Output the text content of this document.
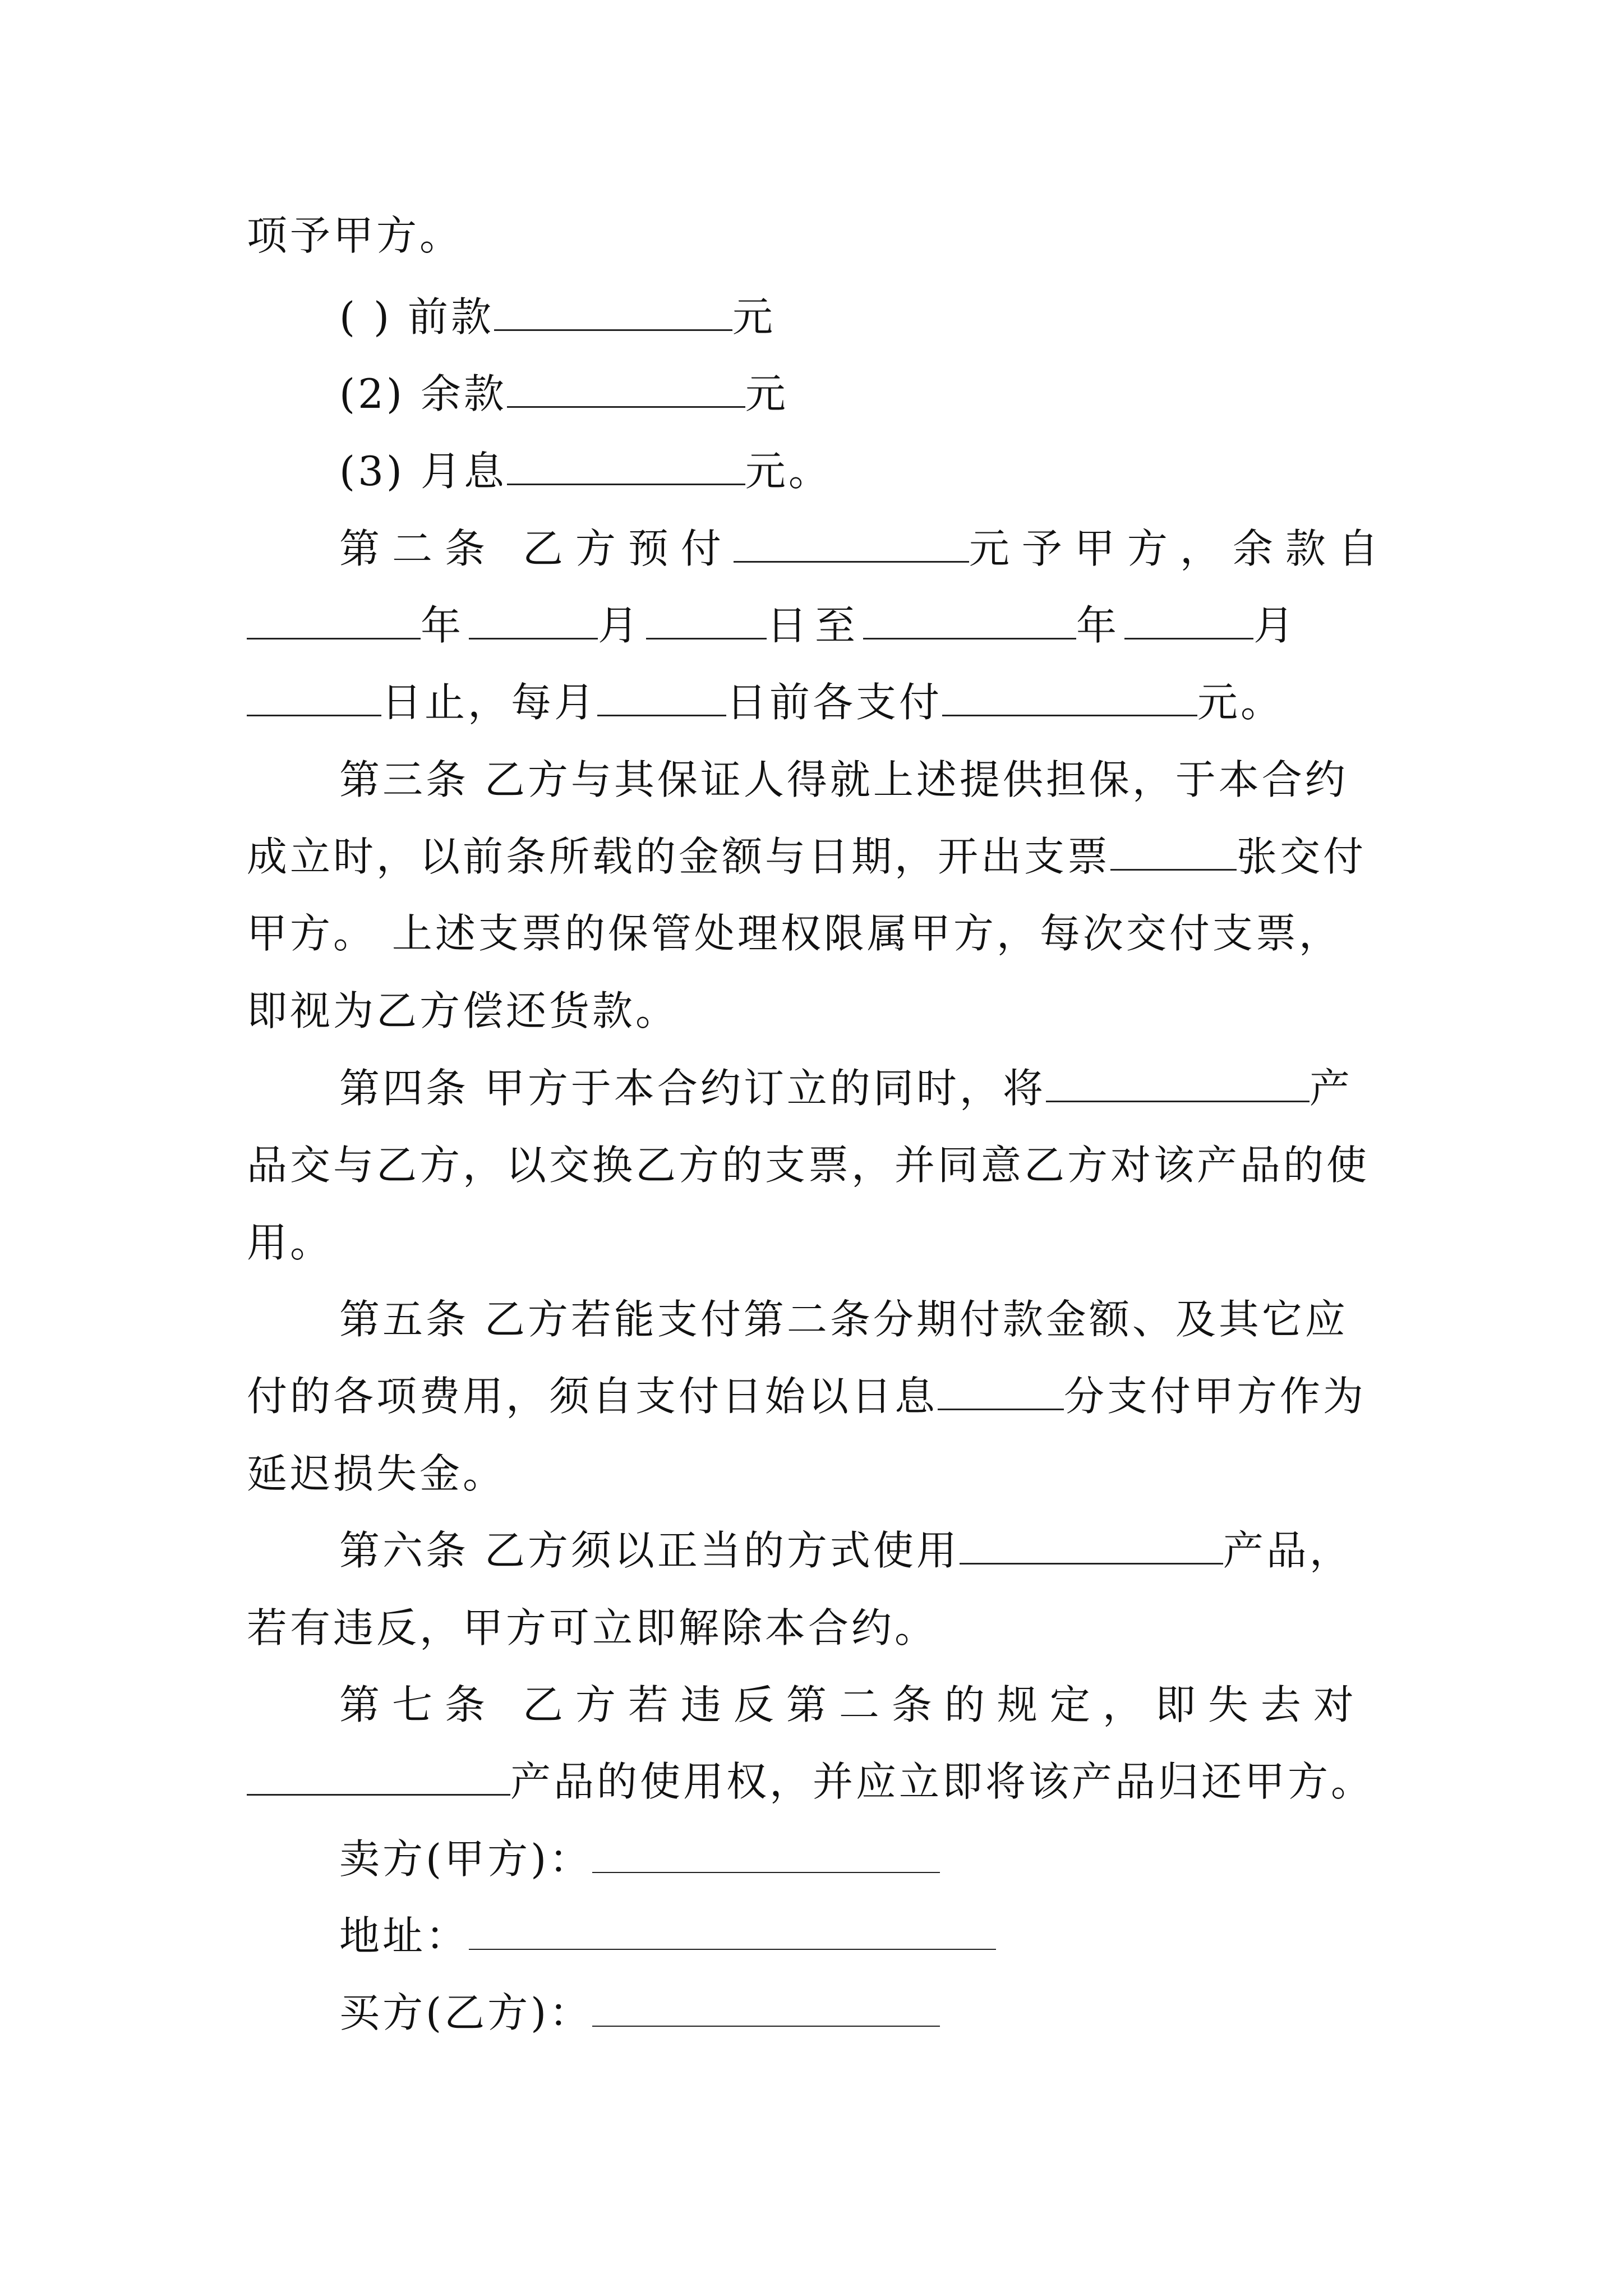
项予甲方。
( ) 前款	元
(2) 余款	元
(3) 月息	元。
第二条 乙方预付	元予甲方，余款自
年	月	日至	年	月
日止，每月	日前各支付	元。
第三条 乙方与其保证人得就上述提供担保，于本合约
成立时，以前条所载的金额与日期，开出支票	张交付
甲方。 上述支票的保管处理权限属甲方，每次交付支票，
即视为乙方偿还货款。
第四条 甲方于本合约订立的同时，将	产
品交与乙方，以交换乙方的支票，并同意乙方对该产品的使
用。
第五条 乙方若能支付第二条分期付款金额、及其它应
付的各项费用，须自支付日始以日息	分支付甲方作为
延迟损失金。
第六条 乙方须以正当的方式使用	产品，
若有违反，甲方可立即解除本合约。
第七条 乙方若违反第二条的规定，即失去对
产品的使用权，并应立即将该产品归还甲方。
卖方(甲方)：
地址：
买方(乙方)：
